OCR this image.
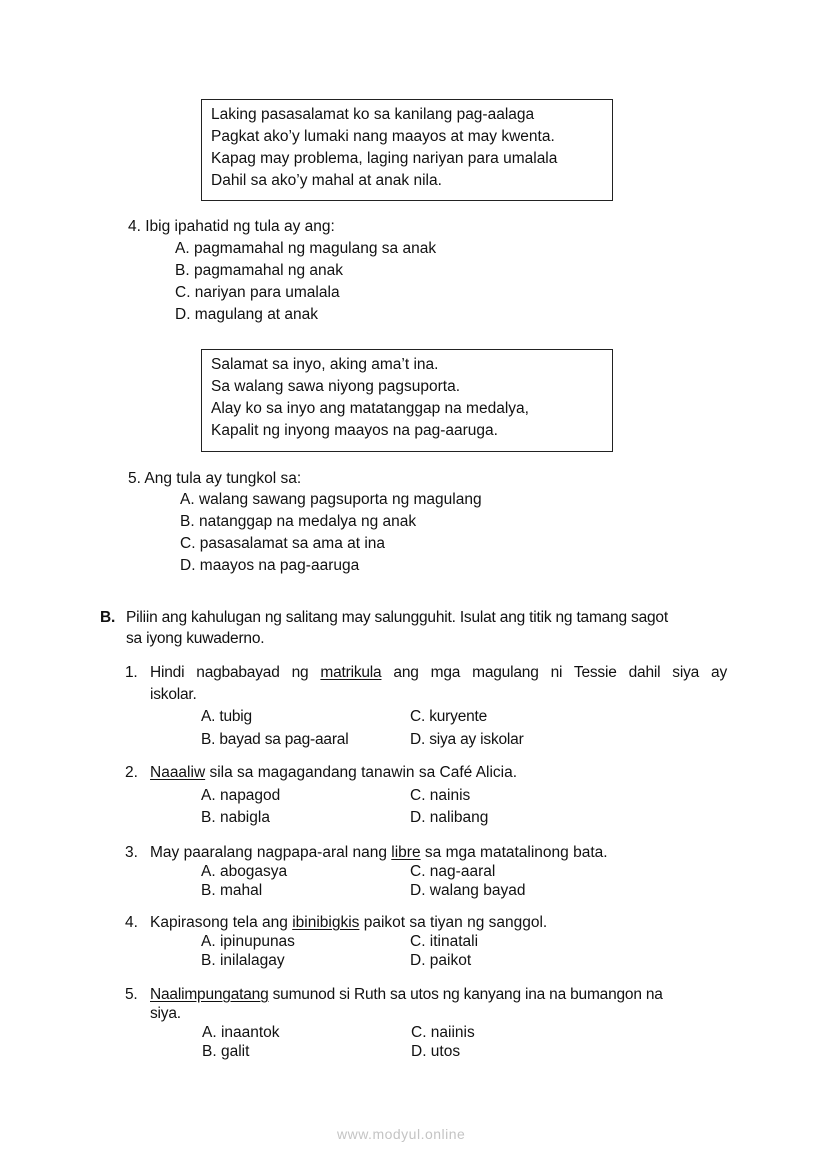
Laking pasasalamat ko sa kanilang pag-aalaga
Pagkat ako’y lumaki nang maayos at may kwenta.
Kapag may problema, laging nariyan para umalala
Dahil sa ako’y mahal at anak nila.
4. Ibig ipahatid ng tula ay ang:
A. pagmamahal ng magulang sa anak
B. pagmamahal ng anak
C. nariyan para umalala
D. magulang at anak
Salamat sa inyo, aking ama’t ina.
Sa walang sawa niyong pagsuporta.
Alay ko sa inyo ang matatanggap na medalya,
Kapalit ng inyong maayos na pag-aaruga.
5. Ang tula ay tungkol sa:
A. walang sawang pagsuporta ng magulang
B. natanggap na medalya ng anak
C. pasasalamat sa ama at ina
D. maayos na pag-aaruga
B. Piliin ang kahulugan ng salitang may salungguhit. Isulat ang titik ng tamang sagot
sa iyong kuwaderno.
1. Hindi nagbabayad ng matrikula ang mga magulang ni Tessie dahil siya ay
iskolar.
A. tubig	C. kuryente
B. bayad sa pag-aaral	D. siya ay iskolar
2. Naaaliw sila sa magagandang tanawin sa Café Alicia.
A. napagod	C. nainis
B. nabigla	D. nalibang
3. May paaralang nagpapa-aral nang libre sa mga matatalinong bata.
A. abogasya	C. nag-aaral
B. mahal	D. walang bayad
4. Kapirasong tela ang ibinibigkis paikot sa tiyan ng sanggol.
A. ipinupunas	C. itinatali
B. inilalagay	D. paikot
5. Naalimpungatang sumunod si Ruth sa utos ng kanyang ina na bumangon na
siya.
A. inaantok	C. naiinis
B. galit	D. utos
www.modyul.online
